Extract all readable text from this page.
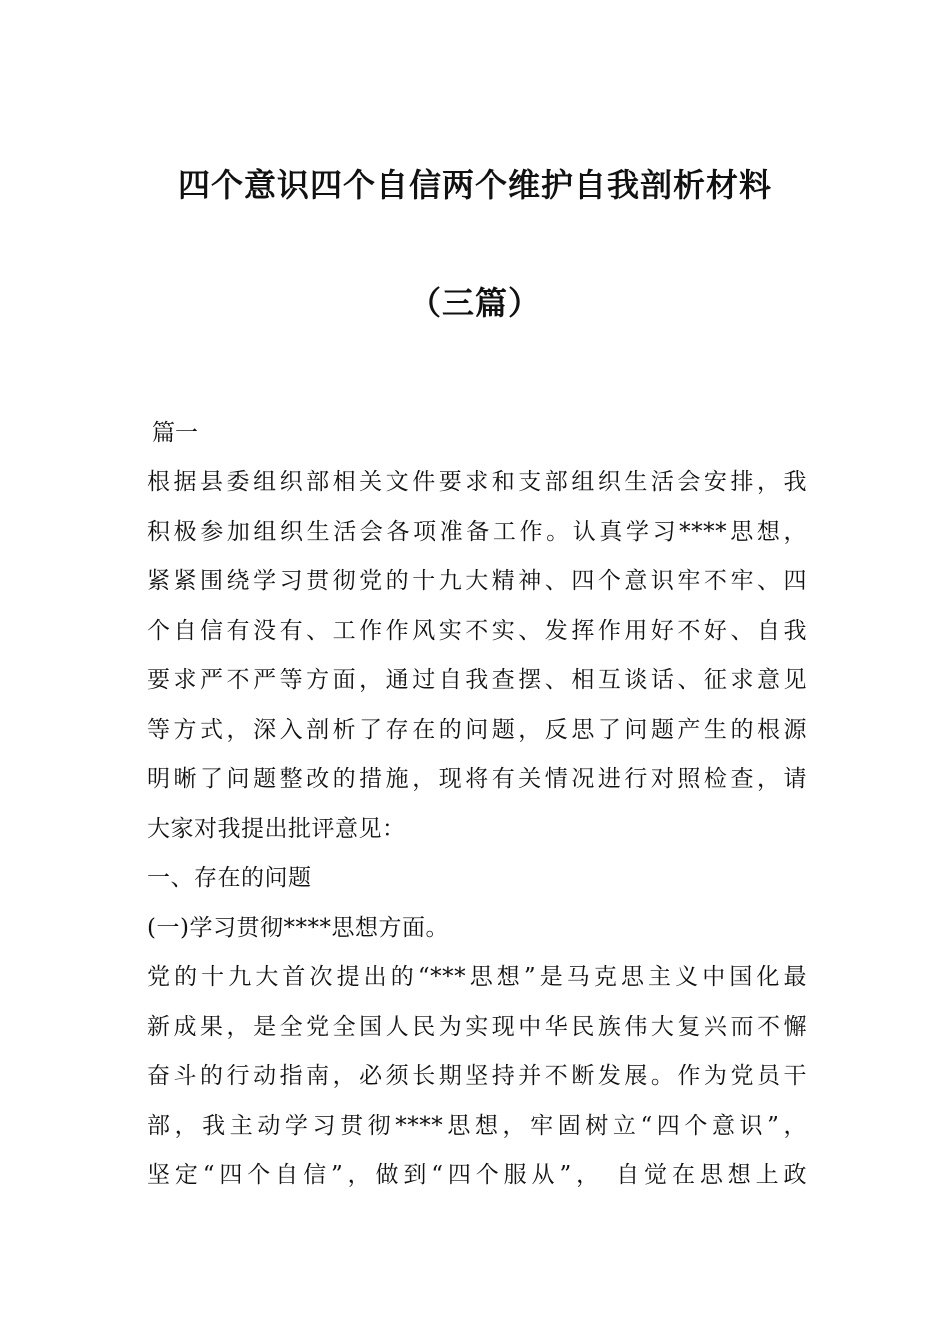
四个意识四个自信两个维护自我剖析材料
（三篇）

篇一

根据县委组织部相关文件要求和支部组织生活会安排，我
积极参加组织生活会各项准备工作。认真学习****思想，
紧紧围绕学习贯彻党的十九大精神、四个意识牢不牢、四
个自信有没有、工作作风实不实、发挥作用好不好、自我
要求严不严等方面，通过自我查摆、相互谈话、征求意见
等方式，深入剖析了存在的问题，反思了问题产生的根源
明晰了问题整改的措施，现将有关情况进行对照检查，请
大家对我提出批评意见：
一、存在的问题
(一)学习贯彻****思想方面。
党的十九大首次提出的“***思想”是马克思主义中国化最
新成果，是全党全国人民为实现中华民族伟大复兴而不懈
奋斗的行动指南，必须长期坚持并不断发展。作为党员干
部，我主动学习贯彻****思想，牢固树立“四个意识”，
坚定“四个自信”，做到“四个服从”， 自觉在思想上政
